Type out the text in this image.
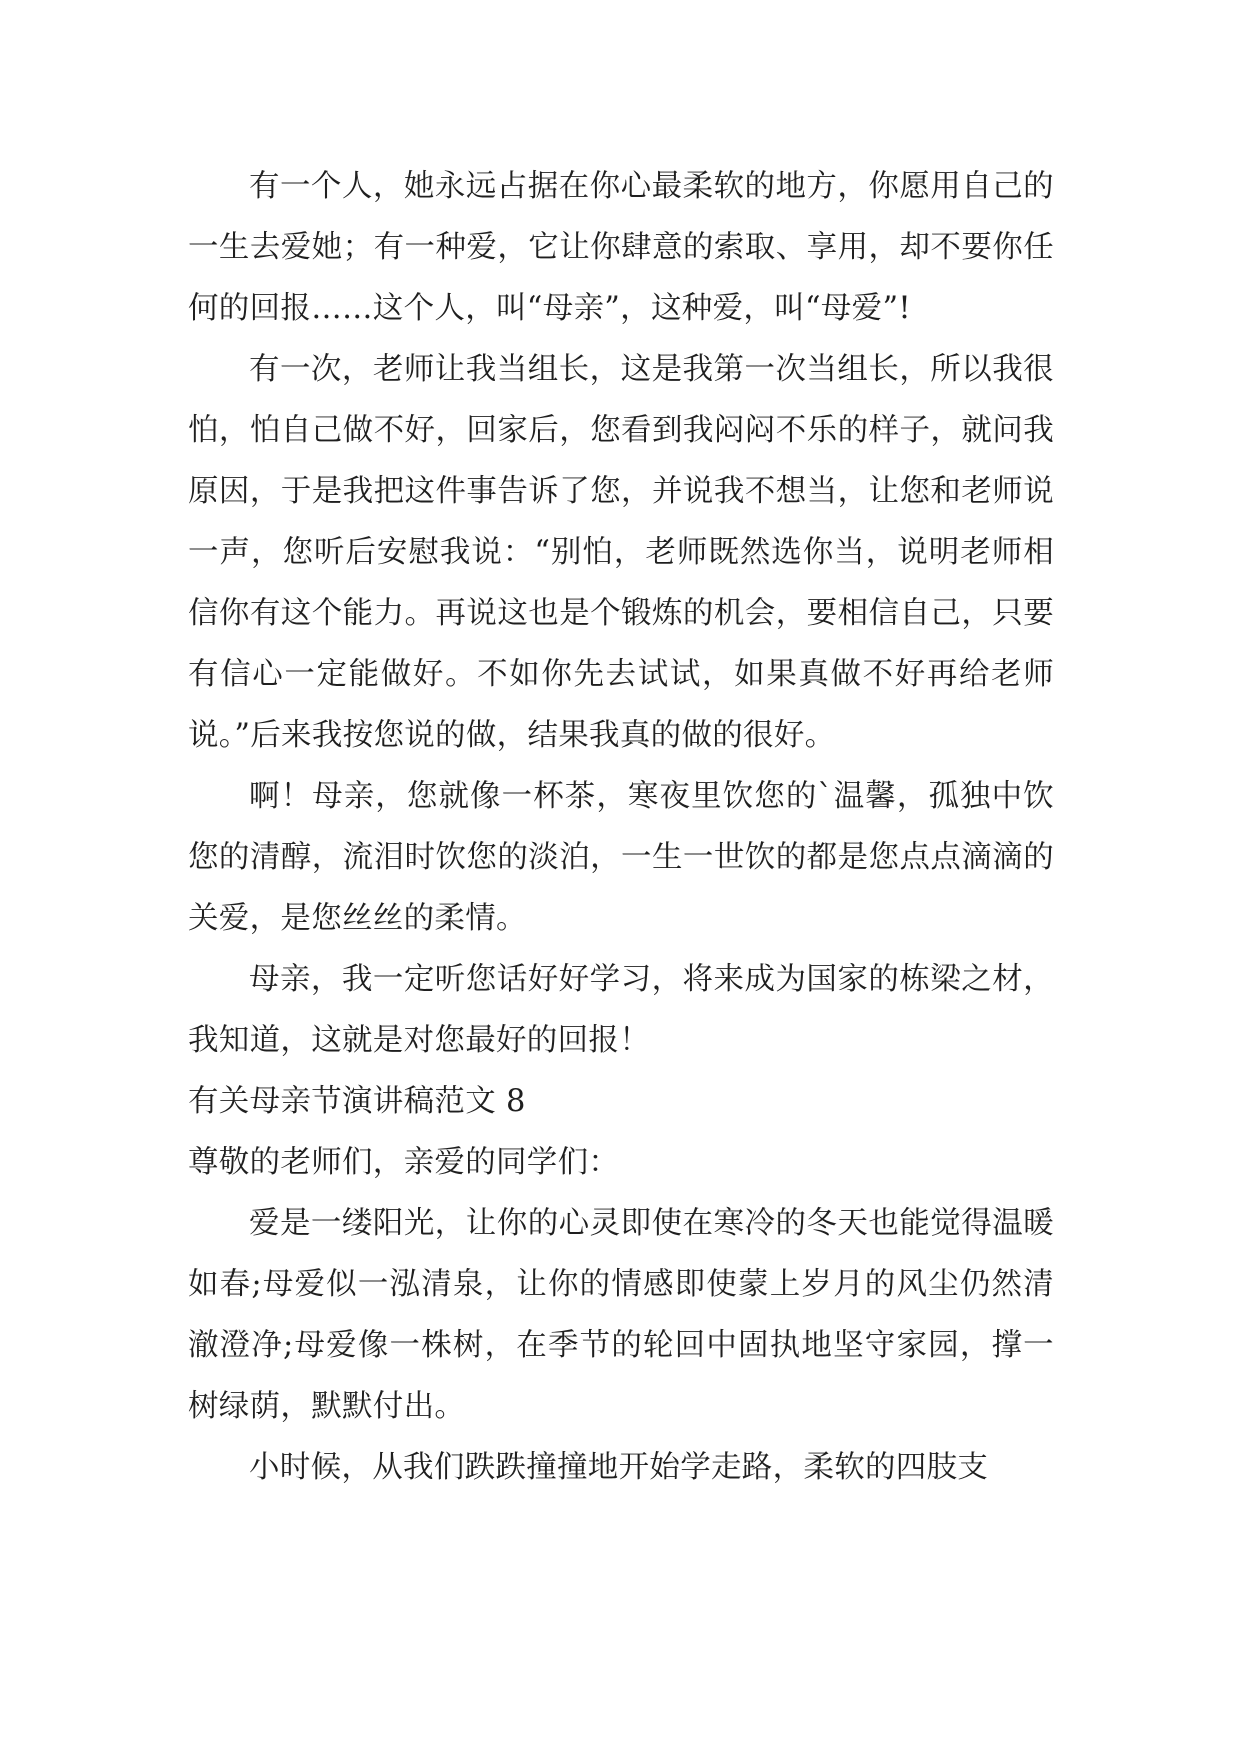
有一个人，她永远占据在你心最柔软的地方，你愿用自己的一生去爱她；有一种爱，它让你肆意的索取、享用，却不要你任何的回报……这个人，叫“母亲”，这种爱，叫“母爱”!

有一次，老师让我当组长，这是我第一次当组长，所以我很怕，怕自己做不好，回家后，您看到我闷闷不乐的样子，就问我原因，于是我把这件事告诉了您，并说我不想当，让您和老师说一声，您听后安慰我说：“别怕，老师既然选你当，说明老师相信你有这个能力。再说这也是个锻炼的机会，要相信自己，只要有信心一定能做好。不如你先去试试，如果真做不好再给老师说。”后来我按您说的做，结果我真的做的很好。

啊！母亲，您就像一杯茶，寒夜里饮您的`温馨，孤独中饮您的清醇，流泪时饮您的淡泊，一生一世饮的都是您点点滴滴的关爱，是您丝丝的柔情。

母亲，我一定听您话好好学习，将来成为国家的栋梁之材，我知道，这就是对您最好的回报！

有关母亲节演讲稿范文 8

尊敬的老师们，亲爱的同学们：

爱是一缕阳光，让你的心灵即使在寒冷的冬天也能觉得温暖如春;母爱似一泓清泉，让你的情感即使蒙上岁月的风尘仍然清澈澄净;母爱像一株树，在季节的轮回中固执地坚守家园，撑一树绿荫，默默付出。

小时候，从我们跌跌撞撞地开始学走路，柔软的四肢支
